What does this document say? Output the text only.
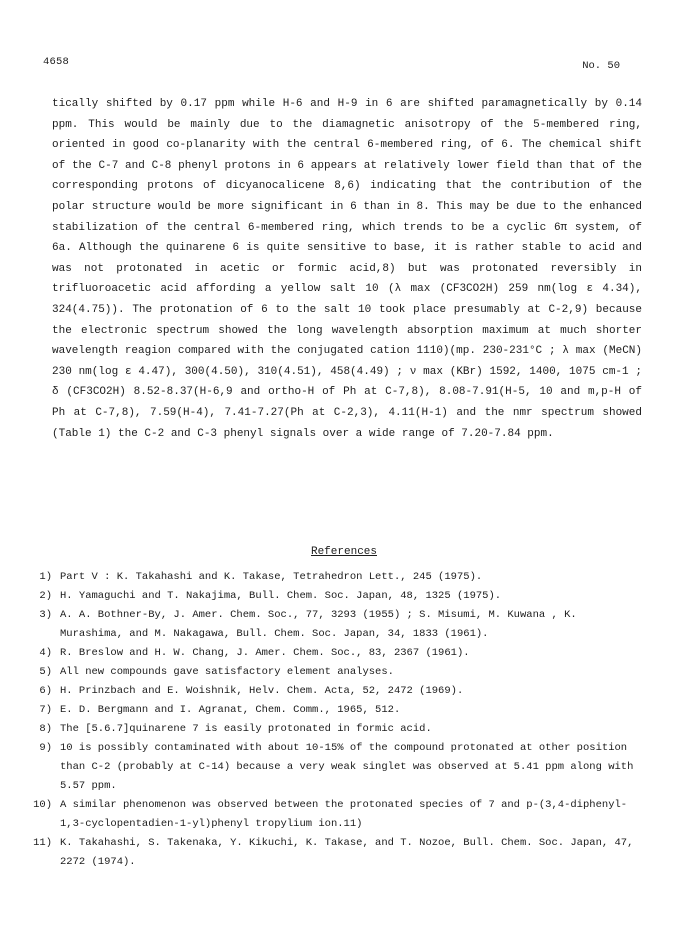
4658	No. 50

tically shifted by 0.17 ppm while H-6 and H-9 in 6 are shifted paramagnetically by 0.14 ppm. This would be mainly due to the diamagnetic anisotropy of the 5-membered ring, oriented in good co-planarity with the central 6-membered ring, of 6. The chemical shift of the C-7 and C-8 phenyl protons in 6 appears at relatively lower field than that of the corresponding protons of dicyanocalicene 8,6) indicating that the contribution of the polar structure would be more significant in 6 than in 8. This may be due to the enhanced stabilization of the central 6-membered ring, which trends to be a cyclic 6π system, of 6a. Although the quinarene 6 is quite sensitive to base, it is rather stable to acid and was not protonated in acetic or formic acid,8) but was protonated reversibly in trifluoroacetic acid affording a yellow salt 10 (λ max (CF3CO2H) 259 nm(log ε 4.34), 324(4.75)). The protonation of 6 to the salt 10 took place presumably at C-2,9) because the electronic spectrum showed the long wavelength absorption maximum at much shorter wavelength reagion compared with the conjugated cation 1110)(mp. 230-231°C ; λ max (MeCN) 230 nm(log ε 4.47), 300(4.50), 310(4.51), 458(4.49) ; ν max (KBr) 1592, 1400, 1075 cm-1 ; δ (CF3CO2H) 8.52-8.37(H-6,9 and ortho-H of Ph at C-7,8), 8.08-7.91(H-5, 10 and m,p-H of Ph at C-7,8), 7.59(H-4), 7.41-7.27(Ph at C-2,3), 4.11(H-1) and the nmr spectrum showed (Table 1) the C-2 and C-3 phenyl signals over a wide range of 7.20-7.84 ppm.

References
1) Part V : K. Takahashi and K. Takase, Tetrahedron Lett., 245 (1975).
2) H. Yamaguchi and T. Nakajima, Bull. Chem. Soc. Japan, 48, 1325 (1975).
3) A. A. Bothner-By, J. Amer. Chem. Soc., 77, 3293 (1955) ; S. Misumi, M. Kuwana , K. Murashima, and M. Nakagawa, Bull. Chem. Soc. Japan, 34, 1833 (1961).
4) R. Breslow and H. W. Chang, J. Amer. Chem. Soc., 83, 2367 (1961).
5) All new compounds gave satisfactory element analyses.
6) H. Prinzbach and E. Woishnik, Helv. Chem. Acta, 52, 2472 (1969).
7) E. D. Bergmann and I. Agranat, Chem. Comm., 1965, 512.
8) The [5.6.7]quinarene 7 is easily protonated in formic acid.
9) 10 is possibly contaminated with about 10-15% of the compound protonated at other position than C-2 (probably at C-14) because a very weak singlet was observed at 5.41 ppm along with 5.57 ppm.
10) A similar phenomenon was observed between the protonated species of 7 and p-(3,4-diphenyl-1,3-cyclopentadien-1-yl)phenyl tropylium ion.11)
11) K. Takahashi, S. Takenaka, Y. Kikuchi, K. Takase, and T. Nozoe, Bull. Chem. Soc. Japan, 47, 2272 (1974).
